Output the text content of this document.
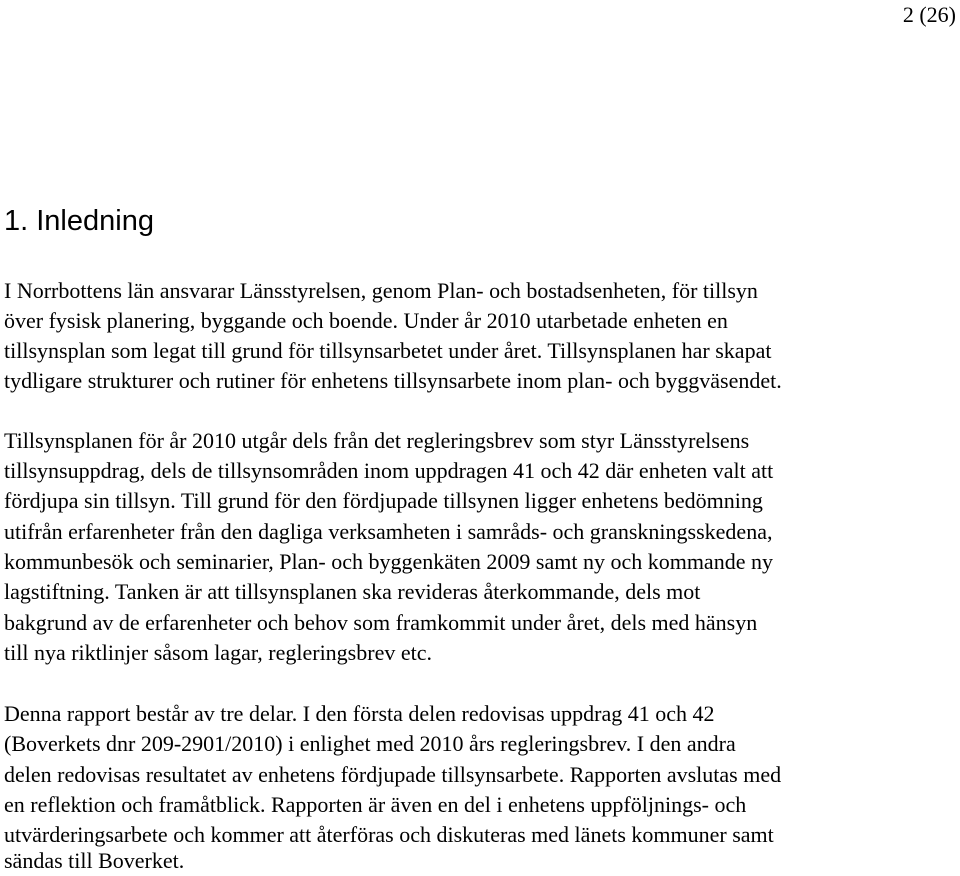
2 (26)
1. Inledning
I Norrbottens län ansvarar Länsstyrelsen, genom Plan- och bostadsenheten, för tillsyn
över fysisk planering, byggande och boende. Under år 2010 utarbetade enheten en
tillsynsplan som legat till grund för tillsynsarbetet under året. Tillsynsplanen har skapat
tydligare strukturer och rutiner för enhetens tillsynsarbete inom plan- och byggväsendet.
Tillsynsplanen för år 2010 utgår dels från det regleringsbrev som styr Länsstyrelsens
tillsynsuppdrag, dels de tillsynsområden inom uppdragen 41 och 42 där enheten valt att
fördjupa sin tillsyn. Till grund för den fördjupade tillsynen ligger enhetens bedömning
utifrån erfarenheter från den dagliga verksamheten i samråds- och granskningsskedena,
kommunbesök och seminarier, Plan- och byggenkäten 2009 samt ny och kommande ny
lagstiftning. Tanken är att tillsynsplanen ska revideras återkommande, dels mot
bakgrund av de erfarenheter och behov som framkommit under året, dels med hänsyn
till nya riktlinjer såsom lagar, regleringsbrev etc.
Denna rapport består av tre delar. I den första delen redovisas uppdrag 41 och 42
(Boverkets dnr 209-2901/2010) i enlighet med 2010 års regleringsbrev. I den andra
delen redovisas resultatet av enhetens fördjupade tillsynsarbete. Rapporten avslutas med
en reflektion och framåtblick. Rapporten är även en del i enhetens uppföljnings- och
utvärderingsarbete och kommer att återföras och diskuteras med länets kommuner samt
sändas till Boverket.
